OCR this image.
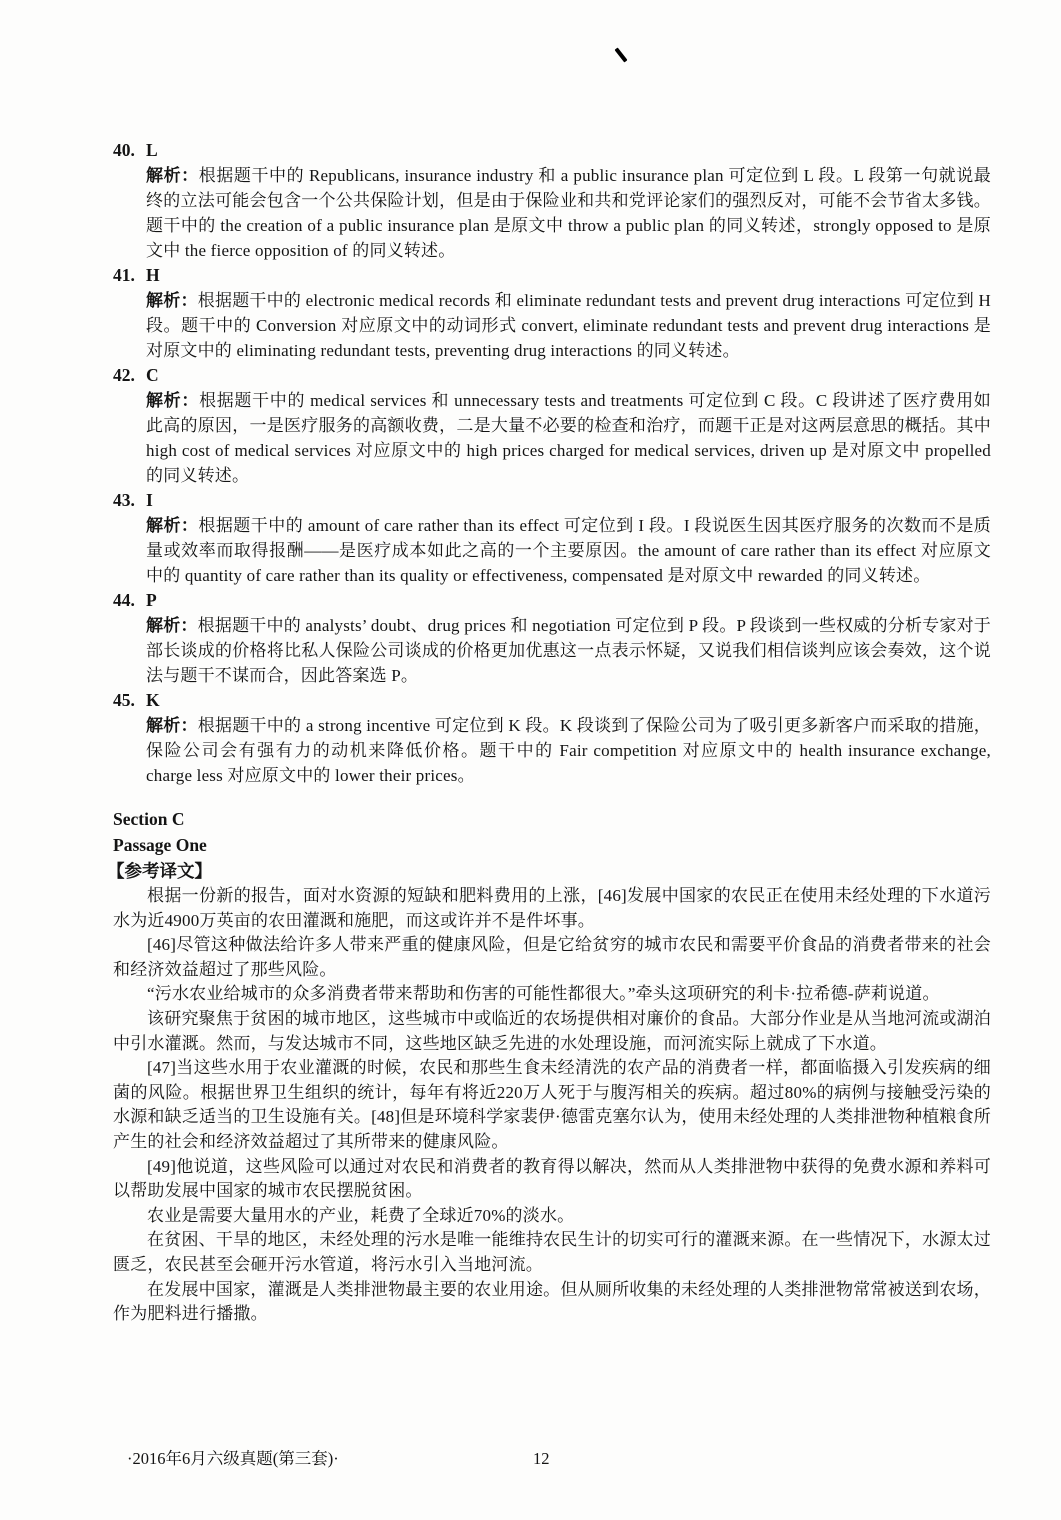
40. L

解析：根据题干中的 Republicans, insurance industry 和 a public insurance plan 可定位到 L 段。L 段第一句就说最终的立法可能会包含一个公共保险计划，但是由于保险业和共和党评论家们的强烈反对，可能不会节省太多钱。题干中的 the creation of a public insurance plan 是原文中 throw a public plan 的同义转述，strongly opposed to 是原文中 the fierce opposition of 的同义转述。

41. H

解析：根据题干中的 electronic medical records 和 eliminate redundant tests and prevent drug interactions 可定位到 H 段。题干中的 Conversion 对应原文中的动词形式 convert, eliminate redundant tests and prevent drug interactions 是对原文中的 eliminating redundant tests, preventing drug interactions 的同义转述。

42. C

解析：根据题干中的 medical services 和 unnecessary tests and treatments 可定位到 C 段。C 段讲述了医疗费用如此高的原因，一是医疗服务的高额收费，二是大量不必要的检查和治疗，而题干正是对这两层意思的概括。其中 high cost of medical services 对应原文中的 high prices charged for medical services, driven up 是对原文中 propelled 的同义转述。

43. I

解析：根据题干中的 amount of care rather than its effect 可定位到 I 段。I 段说医生因其医疗服务的次数而不是质量或效率而取得报酬——是医疗成本如此之高的一个主要原因。the amount of care rather than its effect 对应原文中的 quantity of care rather than its quality or effectiveness, compensated 是对原文中 rewarded 的同义转述。

44. P

解析：根据题干中的 analysts’ doubt、drug prices 和 negotiation 可定位到 P 段。P 段谈到一些权威的分析专家对于部长谈成的价格将比私人保险公司谈成的价格更加优惠这一点表示怀疑，又说我们相信谈判应该会奏效，这个说法与题干不谋而合，因此答案选 P。

45. K

解析：根据题干中的 a strong incentive 可定位到 K 段。K 段谈到了保险公司为了吸引更多新客户而采取的措施，保险公司会有强有力的动机来降低价格。题干中的 Fair competition 对应原文中的 health insurance exchange, charge less 对应原文中的 lower their prices。

Section C
Passage One
【参考译文】

根据一份新的报告，面对水资源的短缺和肥料费用的上涨，[46]发展中国家的农民正在使用未经处理的下水道污水为近4900万英亩的农田灌溉和施肥，而这或许并不是件坏事。

[46]尽管这种做法给许多人带来严重的健康风险，但是它给贫穷的城市农民和需要平价食品的消费者带来的社会和经济效益超过了那些风险。

“污水农业给城市的众多消费者带来帮助和伤害的可能性都很大。”牵头这项研究的利卡·拉希德-萨莉说道。

该研究聚焦于贫困的城市地区，这些城市中或临近的农场提供相对廉价的食品。大部分作业是从当地河流或湖泊中引水灌溉。然而，与发达城市不同，这些地区缺乏先进的水处理设施，而河流实际上就成了下水道。

[47]当这些水用于农业灌溉的时候，农民和那些生食未经清洗的农产品的消费者一样，都面临摄入引发疾病的细菌的风险。根据世界卫生组织的统计，每年有将近220万人死于与腹泻相关的疾病。超过80%的病例与接触受污染的水源和缺乏适当的卫生设施有关。[48]但是环境科学家裴伊·德雷克塞尔认为，使用未经处理的人类排泄物种植粮食所产生的社会和经济效益超过了其所带来的健康风险。

[49]他说道，这些风险可以通过对农民和消费者的教育得以解决，然而从人类排泄物中获得的免费水源和养料可以帮助发展中国家的城市农民摆脱贫困。

农业是需要大量用水的产业，耗费了全球近70%的淡水。

在贫困、干旱的地区，未经处理的污水是唯一能维持农民生计的切实可行的灌溉来源。在一些情况下，水源太过匮乏，农民甚至会砸开污水管道，将污水引入当地河流。

在发展中国家，灌溉是人类排泄物最主要的农业用途。但从厕所收集的未经处理的人类排泄物常常被送到农场，作为肥料进行播撒。

·2016年6月六级真题(第三套)·	12
